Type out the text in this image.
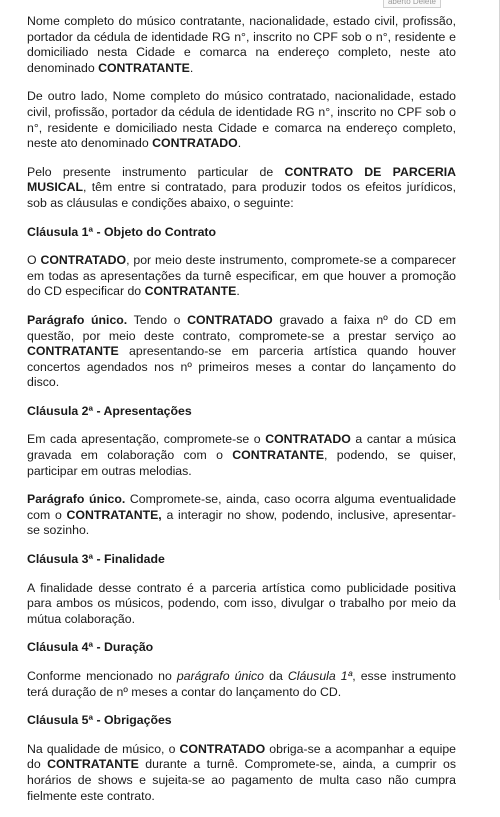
aberto Delete

Nome completo do músico contratante, nacionalidade, estado civil, profissão, portador da cédula de identidade RG n°, inscrito no CPF sob o n°, residente e domiciliado nesta Cidade e comarca na endereço completo, neste ato denominado CONTRATANTE.

De outro lado, Nome completo do músico contratado, nacionalidade, estado civil, profissão, portador da cédula de identidade RG n°, inscrito no CPF sob o n°, residente e domiciliado nesta Cidade e comarca na endereço completo, neste ato denominado CONTRATADO.

Pelo presente instrumento particular de CONTRATO DE PARCERIA MUSICAL, têm entre si contratado, para produzir todos os efeitos jurídicos, sob as cláusulas e condições abaixo, o seguinte:

Cláusula 1ª - Objeto do Contrato

O CONTRATADO, por meio deste instrumento, compromete-se a comparecer em todas as apresentações da turnê especificar, em que houver a promoção do CD especificar do CONTRATANTE.

Parágrafo único. Tendo o CONTRATADO gravado a faixa nº do CD em questão, por meio deste contrato, compromete-se a prestar serviço ao CONTRATANTE apresentando-se em parceria artística quando houver concertos agendados nos nº primeiros meses a contar do lançamento do disco.

Cláusula 2ª - Apresentações

Em cada apresentação, compromete-se o CONTRATADO a cantar a música gravada em colaboração com o CONTRATANTE, podendo, se quiser, participar em outras melodias.

Parágrafo único. Compromete-se, ainda, caso ocorra alguma eventualidade com o CONTRATANTE, a interagir no show, podendo, inclusive, apresentar-se sozinho.

Cláusula 3ª - Finalidade

A finalidade desse contrato é a parceria artística como publicidade positiva para ambos os músicos, podendo, com isso, divulgar o trabalho por meio da mútua colaboração.

Cláusula 4ª - Duração

Conforme mencionado no parágrafo único da Cláusula 1ª, esse instrumento terá duração de nº meses a contar do lançamento do CD.

Cláusula 5ª - Obrigações

Na qualidade de músico, o CONTRATADO obriga-se a acompanhar a equipe do CONTRATANTE durante a turnê. Compromete-se, ainda, a cumprir os horários de shows e sujeita-se ao pagamento de multa caso não cumpra fielmente este contrato.
